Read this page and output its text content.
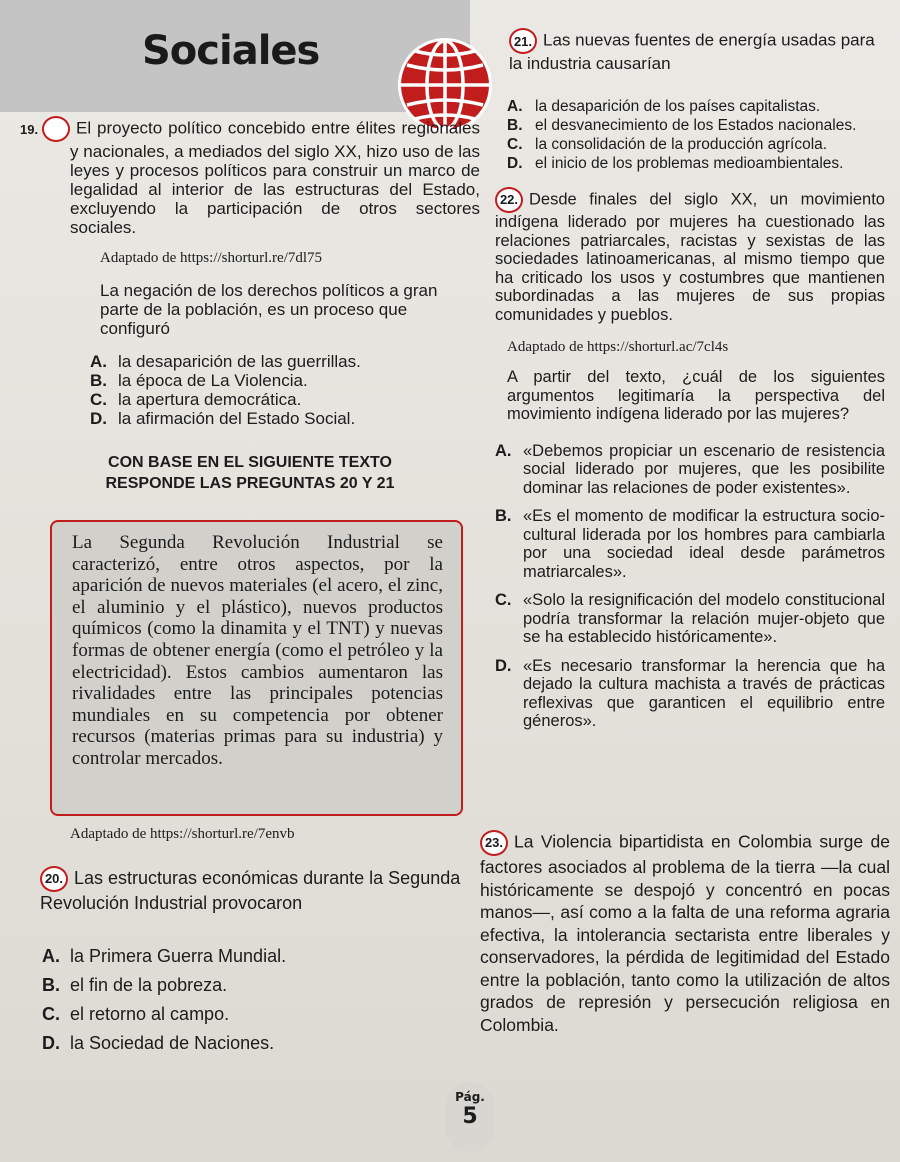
Sociales

19. El proyecto político concebido entre élites regionales y nacionales, a mediados del siglo XX, hizo uso de las leyes y procesos políticos para construir un marco de legalidad al interior de las estructuras del Estado, excluyendo la participación de otros sectores sociales.

Adaptado de https://shorturl.re/7dl75

La negación de los derechos políticos a gran parte de la población, es un proceso que configuró

A. la desaparición de las guerrillas.
B. la época de La Violencia.
C. la apertura democrática.
D. la afirmación del Estado Social.

CON BASE EN EL SIGUIENTE TEXTO

RESPONDE LAS PREGUNTAS 20 Y 21

La Segunda Revolución Industrial se caracterizó, entre otros aspectos, por la aparición de nuevos materiales (el acero, el zinc, el aluminio y el plástico), nuevos productos químicos (como la dinamita y el TNT) y nuevas formas de obtener energía (como el petróleo y la electricidad). Estos cambios aumentaron las rivalidades entre las principales potencias mundiales en su competencia por obtener recursos (materias primas para su industria) y controlar mercados.

Adaptado de https://shorturl.re/7envb

20. Las estructuras económicas durante la Segunda Revolución Industrial provocaron

A. la Primera Guerra Mundial.
B. el fin de la pobreza.
C. el retorno al campo.
D. la Sociedad de Naciones.

21. Las nuevas fuentes de energía usadas para la industria causarían

A. la desaparición de los países capitalistas.
B. el desvanecimiento de los Estados nacionales.
C. la consolidación de la producción agrícola.
D. el inicio de los problemas medioambientales.

22. Desde finales del siglo XX, un movimiento indígena liderado por mujeres ha cuestionado las relaciones patriarcales, racistas y sexistas de las sociedades latinoamericanas, al mismo tiempo que ha criticado los usos y costumbres que mantienen subordinadas a las mujeres de sus propias comunidades y pueblos.

Adaptado de https://shorturl.ac/7cl4s

A partir del texto, ¿cuál de los siguientes argumentos legitimaría la perspectiva del movimiento indígena liderado por las mujeres?

A. «Debemos propiciar un escenario de resistencia social liderado por mujeres, que les posibilite dominar las relaciones de poder existentes».
B. «Es el momento de modificar la estructura socio-cultural liderada por los hombres para cambiarla por una sociedad ideal desde parámetros matriarcales».
C. «Solo la resignificación del modelo constitucional podría transformar la relación mujer-objeto que se ha establecido históricamente».
D. «Es necesario transformar la herencia que ha dejado la cultura machista a través de prácticas reflexivas que garanticen el equilibrio entre géneros».

23. La Violencia bipartidista en Colombia surge de factores asociados al problema de la tierra —la cual históricamente se despojó y concentró en pocas manos—, así como a la falta de una reforma agraria efectiva, la intolerancia sectarista entre liberales y conservadores, la pérdida de legitimidad del Estado entre la población, tanto como la utilización de altos grados de represión y persecución religiosa en Colombia.

Pág.
5
